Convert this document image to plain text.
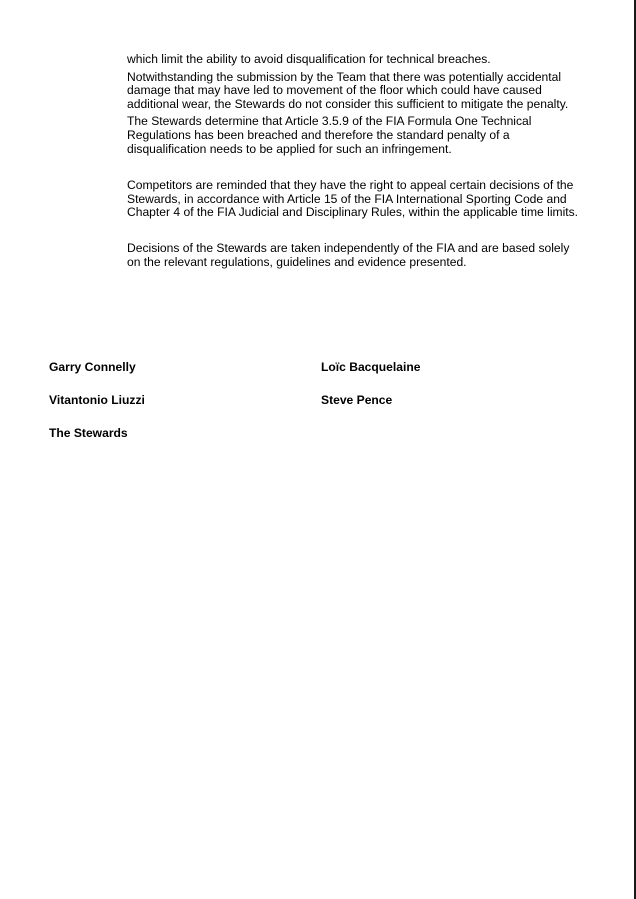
which limit the ability to avoid disqualification for technical breaches.

Notwithstanding the submission by the Team that there was potentially accidental
damage that may have led to movement of the floor which could have caused
additional wear, the Stewards do not consider this sufficient to mitigate the penalty.

The Stewards determine that Article 3.5.9 of the FIA Formula One Technical
Regulations has been breached and therefore the standard penalty of a
disqualification needs to be applied for such an infringement.

Competitors are reminded that they have the right to appeal certain decisions of the
Stewards, in accordance with Article 15 of the FIA International Sporting Code and
Chapter 4 of the FIA Judicial and Disciplinary Rules, within the applicable time limits.

Decisions of the Stewards are taken independently of the FIA and are based solely
on the relevant regulations, guidelines and evidence presented.

Garry Connelly	Loïc Bacquelaine
Vitantonio Liuzzi	Steve Pence
The Stewards
